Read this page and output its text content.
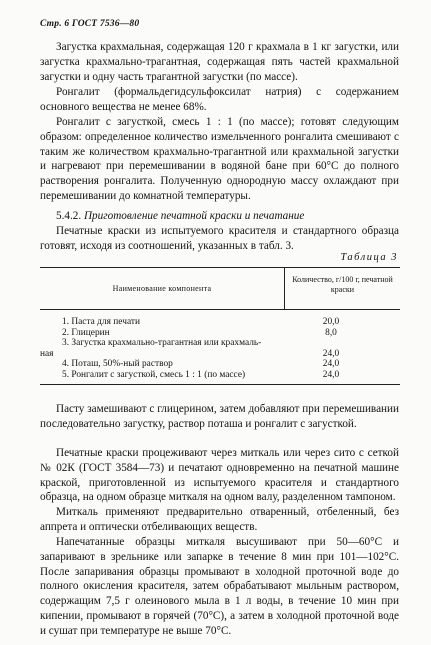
Стр. 6 ГОСТ 7536—80

Загустка крахмальная, содержащая 120 г крахмала в 1 кг загустки, или загустка крахмально-трагантная, содержащая пять частей крахмальной загустки и одну часть трагантной загустки (по массе).

Ронгалит (формальдегидсульфоксилат натрия) с содержанием основного вещества не менее 68%.

Ронгалит с загусткой, смесь 1 : 1 (по массе); готовят следующим образом: определенное количество измельченного ронгалита смешивают с таким же количеством крахмально-трагантной или крахмальной загустки и нагревают при перемешивании в водяной бане при 60°С до полного растворения ронгалита. Полученную однородную массу охлаждают при перемешивании до комнатной температуры.

5.4.2. Приготовление печатной краски и печатание

Печатные краски из испытуемого красителя и стандартного образца готовят, исходя из соотношений, указанных в табл. 3.

Таблица 3
Наименование компонента
Количество, г/100 г, печатной краски
1. Паста для печати	20,0
2. Глицерин	8,0
3. Загустка крахмально-трагантная или крахмаль-
ная	24,0
4. Поташ, 50%-ный раствор	24,0
5. Ронгалит с загусткой, смесь 1 : 1 (по массе)	24,0

Пасту замешивают с глицерином, затем добавляют при перемешивании последовательно загустку, раствор поташа и ронгалит с загусткой.

Печатные краски процеживают через миткаль или через сито с сеткой № 02К (ГОСТ 3584—73) и печатают одновременно на печатной машине краской, приготовленной из испытуемого красителя и стандартного образца, на одном образце миткаля на одном валу, разделенном тампоном.

Миткаль применяют предварительно отваренный, отбеленный, без аппрета и оптически отбеливающих веществ.

Напечатанные образцы миткаля высушивают при 50—60°С и запаривают в зрельнике или запарке в течение 8 мин при 101—102°С. После запаривания образцы промывают в холодной проточной воде до полного окисления красителя, затем обрабатывают мыльным раствором, содержащим 7,5 г олеинового мыла в 1 л воды, в течение 10 мин при кипении, промывают в горячей (70°С), а затем в холодной проточной воде и сушат при температуре не выше 70°С.
